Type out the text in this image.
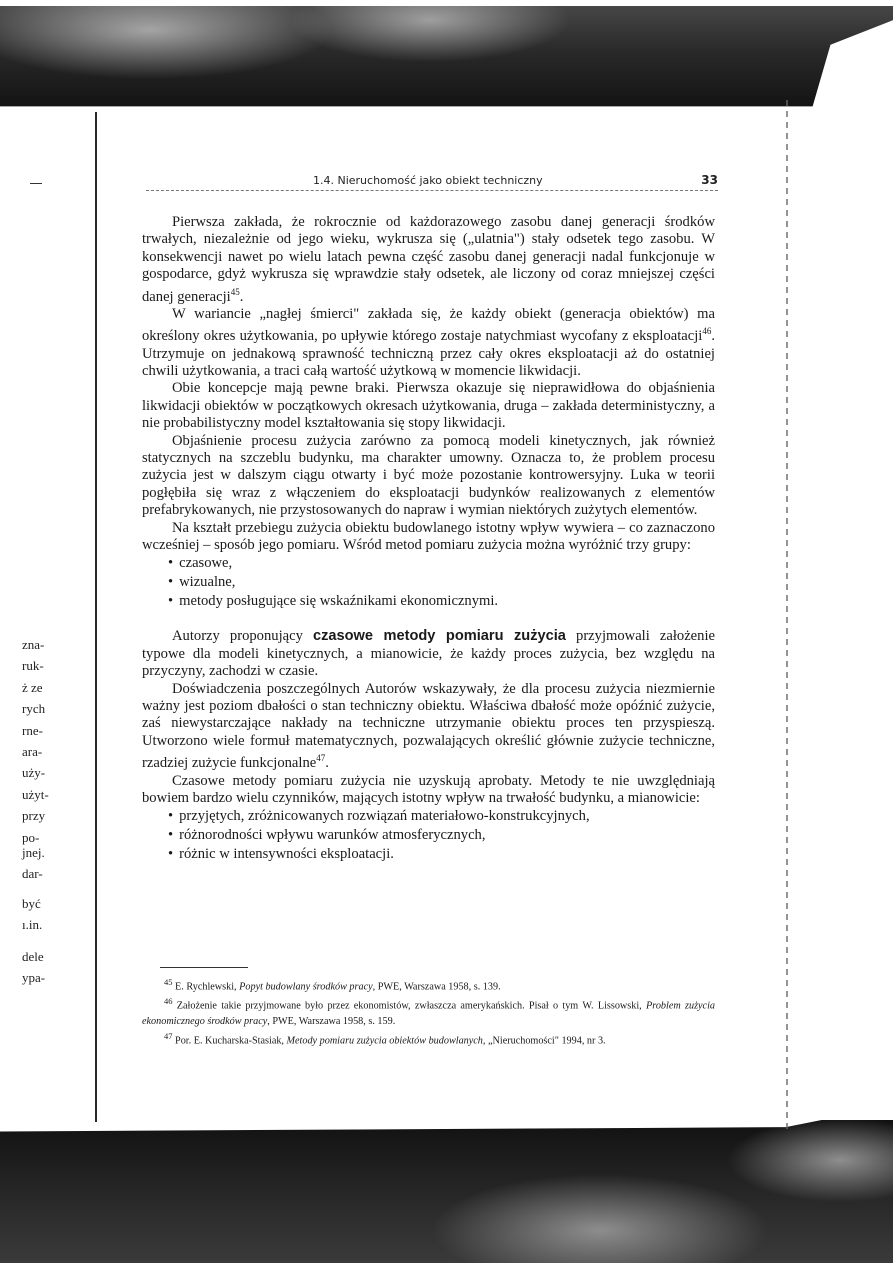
zna-
ruk-
ż ze
rych
rne-
ara-
uży-
użyt-
przy
po-
jnej.
dar-
być
ı.in.
dele
ypa-
1.4. Nieruchomość jako obiekt techniczny	33

Pierwsza zakłada, że rokrocznie od każdorazowego zasobu danej generacji środków trwałych, niezależnie od jego wieku, wykrusza się („ulatnia") stały odsetek tego zasobu. W konsekwencji nawet po wielu latach pewna część zasobu danej generacji nadal funkcjonuje w gospodarce, gdyż wykrusza się wprawdzie stały odsetek, ale liczony od coraz mniejszej części danej generacji$^{45}$.

W wariancie „nagłej śmierci" zakłada się, że każdy obiekt (generacja obiektów) ma określony okres użytkowania, po upływie którego zostaje natychmiast wycofany z eksploatacji$^{46}$. Utrzymuje on jednakową sprawność techniczną przez cały okres eksploatacji aż do ostatniej chwili użytkowania, a traci całą wartość użytkową w momencie likwidacji.

Obie koncepcje mają pewne braki. Pierwsza okazuje się nieprawidłowa do objaśnienia likwidacji obiektów w początkowych okresach użytkowania, druga – zakłada deterministyczny, a nie probabilistyczny model kształtowania się stopy likwidacji.

Objaśnienie procesu zużycia zarówno za pomocą modeli kinetycznych, jak również statycznych na szczeblu budynku, ma charakter umowny. Oznacza to, że problem procesu zużycia jest w dalszym ciągu otwarty i być może pozostanie kontrowersyjny. Luka w teorii pogłębiła się wraz z włączeniem do eksploatacji budynków realizowanych z elementów prefabrykowanych, nie przystosowanych do napraw i wymian niektórych zużytych elementów.

Na kształt przebiegu zużycia obiektu budowlanego istotny wpływ wywiera – co zaznaczono wcześniej – sposób jego pomiaru. Wśród metod pomiaru zużycia można wyróżnić trzy grupy:

• czasowe,
• wizualne,
• metody posługujące się wskaźnikami ekonomicznymi.

Autorzy proponujący czasowe metody pomiaru zużycia przyjmowali założenie typowe dla modeli kinetycznych, a mianowicie, że każdy proces zużycia, bez względu na przyczyny, zachodzi w czasie.

Doświadczenia poszczególnych Autorów wskazywały, że dla procesu zużycia niezmiernie ważny jest poziom dbałości o stan techniczny obiektu. Właściwa dbałość może opóźnić zużycie, zaś niewystarczające nakłady na techniczne utrzymanie obiektu proces ten przyspieszą. Utworzono wiele formuł matematycznych, pozwalających określić głównie zużycie techniczne, rzadziej zużycie funkcjonalne$^{47}$.

Czasowe metody pomiaru zużycia nie uzyskują aprobaty. Metody te nie uwzględniają bowiem bardzo wielu czynników, mających istotny wpływ na trwałość budynku, a mianowicie:

• przyjętych, zróżnicowanych rozwiązań materiałowo-konstrukcyjnych,
• różnorodności wpływu warunków atmosferycznych,
• różnic w intensywności eksploatacji.

$^{45}$ E. Rychlewski, Popyt budowlany środków pracy, PWE, Warszawa 1958, s. 139.

$^{46}$ Założenie takie przyjmowane było przez ekonomistów, zwłaszcza amerykańskich. Pisał o tym W. Lissowski, Problem zużycia ekonomicznego środków pracy, PWE, Warszawa 1958, s. 159.

$^{47}$ Por. E. Kucharska-Stasiak, Metody pomiaru zużycia obiektów budowlanych, „Nieruchomości" 1994, nr 3.
